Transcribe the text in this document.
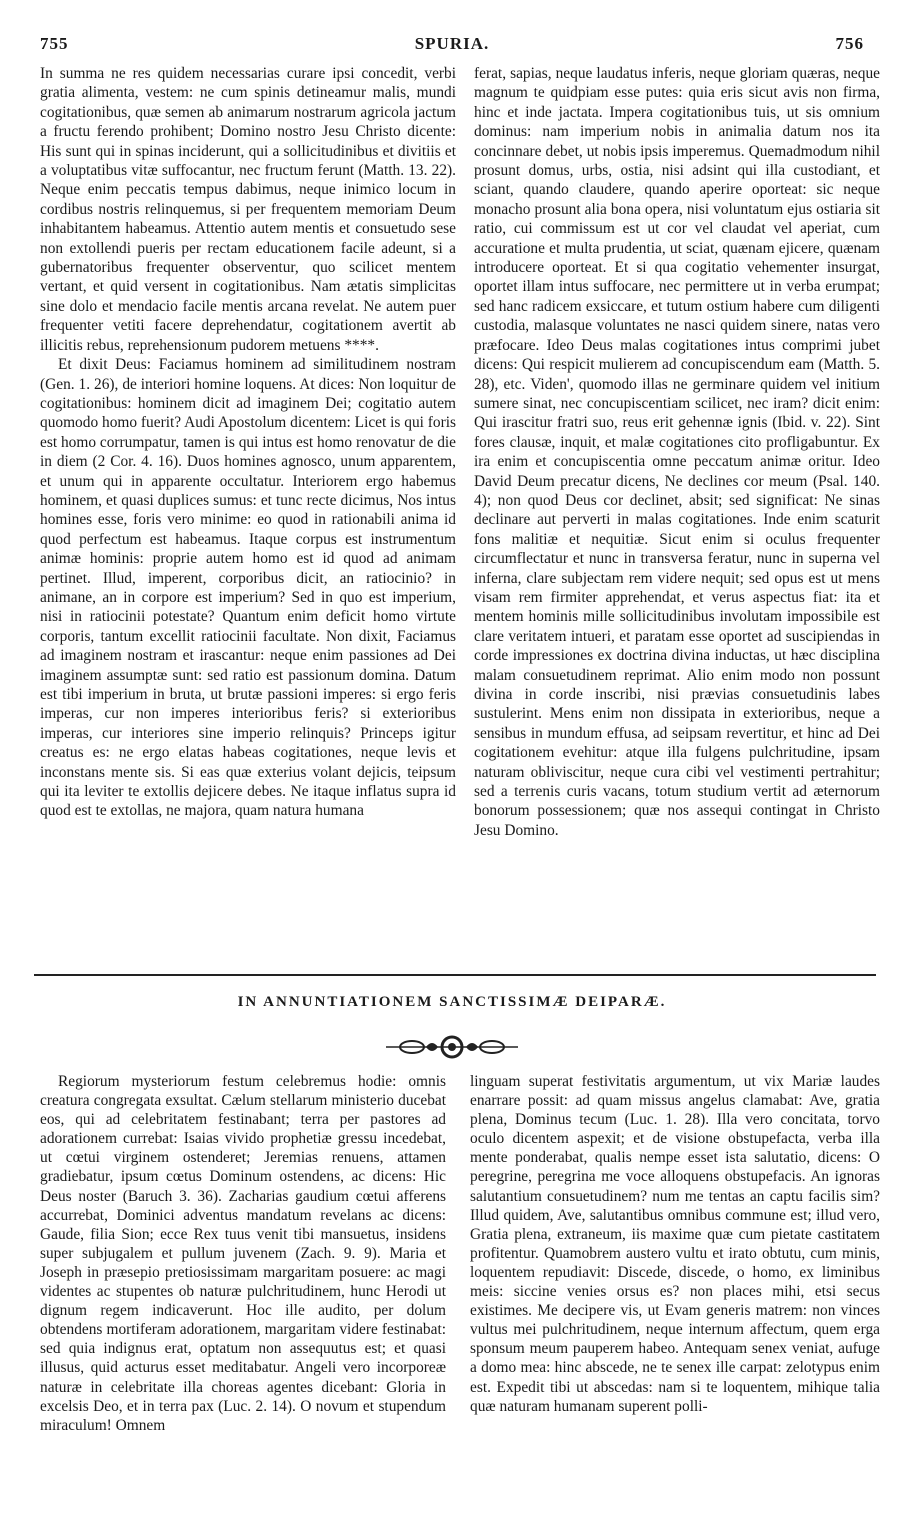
755	SPURIA.	756

In summa ne res quidem necessarias curare ipsi concedit, verbi gratia alimenta, vestem: ne cum spinis detineamur malis, mundi cogitationibus, quæ semen ab animarum nostrarum agricola jactum a fructu ferendo prohibent; Domino nostro Jesu Christo dicente: His sunt qui in spinas inciderunt, qui a sollicitudinibus et divitiis et a voluptatibus vitæ suffocantur, nec fructum ferunt (Matth. 13. 22). Neque enim peccatis tempus dabimus, neque inimico locum in cordibus nostris relinquemus, si per frequentem memoriam Deum inhabitantem habeamus. Attentio autem mentis et consuetudo sese non extollendi pueris per rectam educationem facile adeunt, si a gubernatoribus frequenter observentur, quo scilicet mentem vertant, et quid versent in cogitationibus. Nam ætatis simplicitas sine dolo et mendacio facile mentis arcana revelat. Ne autem puer frequenter vetiti facere deprehendatur, cogitationem avertit ab illicitis rebus, reprehensionum pudorem metuens ****.

Et dixit Deus: Faciamus hominem ad similitudinem nostram (Gen. 1. 26), de interiori homine loquens. At dices: Non loquitur de cogitationibus: hominem dicit ad imaginem Dei; cogitatio autem quomodo homo fuerit? Audi Apostolum dicentem: Licet is qui foris est homo corrumpatur, tamen is qui intus est homo renovatur de die in diem (2 Cor. 4. 16). Duos homines agnosco, unum apparentem, et unum qui in apparente occultatur. Interiorem ergo habemus hominem, et quasi duplices sumus: et tunc recte dicimus, Nos intus homines esse, foris vero minime: eo quod in rationabili anima id quod perfectum est habeamus. Itaque corpus est instrumentum animæ hominis: proprie autem homo est id quod ad animam pertinet. Illud, imperent, corporibus dicit, an ratiocinio? in animane, an in corpore est imperium? Sed in quo est imperium, nisi in ratiocinii potestate? Quantum enim deficit homo virtute corporis, tantum excellit ratiocinii facultate. Non dixit, Faciamus ad imaginem nostram et irascantur: neque enim passiones ad Dei imaginem assumptæ sunt: sed ratio est passionum domina. Datum est tibi imperium in bruta, ut brutæ passioni imperes: si ergo feris imperas, cur non imperes interioribus feris? si exterioribus imperas, cur interiores sine imperio relinquis? Princeps igitur creatus es: ne ergo elatas habeas cogitationes, neque levis et inconstans mente sis. Si eas quæ exterius volant dejicis, teipsum qui ita leviter te extollis dejicere debes. Ne itaque inflatus supra id quod est te extollas, ne majora, quam natura humana

ferat, sapias, neque laudatus inferis, neque gloriam quæras, neque magnum te quidpiam esse putes: quia eris sicut avis non firma, hinc et inde jactata. Impera cogitationibus tuis, ut sis omnium dominus: nam imperium nobis in animalia datum nos ita concinnare debet, ut nobis ipsis imperemus. Quemadmodum nihil prosunt domus, urbs, ostia, nisi adsint qui illa custodiant, et sciant, quando claudere, quando aperire oporteat: sic neque monacho prosunt alia bona opera, nisi voluntatum ejus ostiaria sit ratio, cui commissum est ut cor vel claudat vel aperiat, cum accuratione et multa prudentia, ut sciat, quænam ejicere, quænam introducere oporteat. Et si qua cogitatio vehementer insurgat, oportet illam intus suffocare, nec permittere ut in verba erumpat; sed hanc radicem exsiccare, et tutum ostium habere cum diligenti custodia, malasque voluntates ne nasci quidem sinere, natas vero præfocare. Ideo Deus malas cogitationes intus comprimi jubet dicens: Qui respicit mulierem ad concupiscendum eam (Matth. 5. 28), etc. Viden', quomodo illas ne germinare quidem vel initium sumere sinat, nec concupiscentiam scilicet, nec iram? dicit enim: Qui irascitur fratri suo, reus erit gehennæ ignis (Ibid. v. 22). Sint fores clausæ, inquit, et malæ cogitationes cito profligabuntur. Ex ira enim et concupiscentia omne peccatum animæ oritur. Ideo David Deum precatur dicens, Ne declines cor meum (Psal. 140. 4); non quod Deus cor declinet, absit; sed significat: Ne sinas declinare aut perverti in malas cogitationes. Inde enim scaturit fons malitiæ et nequitiæ. Sicut enim si oculus frequenter circumflectatur et nunc in transversa feratur, nunc in superna vel inferna, clare subjectam rem videre nequit; sed opus est ut mens visam rem firmiter apprehendat, et verus aspectus fiat: ita et mentem hominis mille sollicitudinibus involutam impossibile est clare veritatem intueri, et paratam esse oportet ad suscipiendas in corde impressiones ex doctrina divina inductas, ut hæc disciplina malam consuetudinem reprimat. Alio enim modo non possunt divina in corde inscribi, nisi prævias consuetudinis labes sustulerint. Mens enim non dissipata in exterioribus, neque a sensibus in mundum effusa, ad seipsam revertitur, et hinc ad Dei cogitationem evehitur: atque illa fulgens pulchritudine, ipsam naturam obliviscitur, neque cura cibi vel vestimenti pertrahitur; sed a terrenis curis vacans, totum studium vertit ad æternorum bonorum possessionem; quæ nos assequi contingat in Christo Jesu Domino.

IN ANNUNTIATIONEM SANCTISSIMÆ DEIPARÆ.

Regiorum mysteriorum festum celebremus hodie: omnis creatura congregata exsultat. Cælum stellarum ministerio ducebat eos, qui ad celebritatem festinabant; terra per pastores ad adorationem currebat: Isaias vivido prophetiæ gressu incedebat, ut cœtui virginem ostenderet; Jeremias renuens, attamen gradiebatur, ipsum cœtus Dominum ostendens, ac dicens: Hic Deus noster (Baruch 3. 36). Zacharias gaudium cœtui afferens accurrebat, Dominici adventus mandatum revelans ac dicens: Gaude, filia Sion; ecce Rex tuus venit tibi mansuetus, insidens super subjugalem et pullum juvenem (Zach. 9. 9). Maria et Joseph in præsepio pretiosissimam margaritam posuere: ac magi videntes ac stupentes ob naturæ pulchritudinem, hunc Herodi ut dignum regem indicaverunt. Hoc ille audito, per dolum obtendens mortiferam adorationem, margaritam videre festinabat: sed quia indignus erat, optatum non assequutus est; et quasi illusus, quid acturus esset meditabatur. Angeli vero incorporeæ naturæ in celebritate illa choreas agentes dicebant: Gloria in excelsis Deo, et in terra pax (Luc. 2. 14). O novum et stupendum miraculum! Omnem

linguam superat festivitatis argumentum, ut vix Mariæ laudes enarrare possit: ad quam missus angelus clamabat: Ave, gratia plena, Dominus tecum (Luc. 1. 28). Illa vero concitata, torvo oculo dicentem aspexit; et de visione obstupefacta, verba illa mente ponderabat, qualis nempe esset ista salutatio, dicens: O peregrine, peregrina me voce alloquens obstupefacis. An ignoras salutantium consuetudinem? num me tentas an captu facilis sim? Illud quidem, Ave, salutantibus omnibus commune est; illud vero, Gratia plena, extraneum, iis maxime quæ cum pietate castitatem profitentur. Quamobrem austero vultu et irato obtutu, cum minis, loquentem repudiavit: Discede, discede, o homo, ex liminibus meis: siccine venies orsus es? non places mihi, etsi secus existimes. Me decipere vis, ut Evam generis matrem: non vinces vultus mei pulchritudinem, neque internum affectum, quem erga sponsum meum pauperem habeo. Antequam senex veniat, aufuge a domo mea: hinc abscede, ne te senex ille carpat: zelotypus enim est. Expedit tibi ut abscedas: nam si te loquentem, mihique talia quæ naturam humanam superent polli-
